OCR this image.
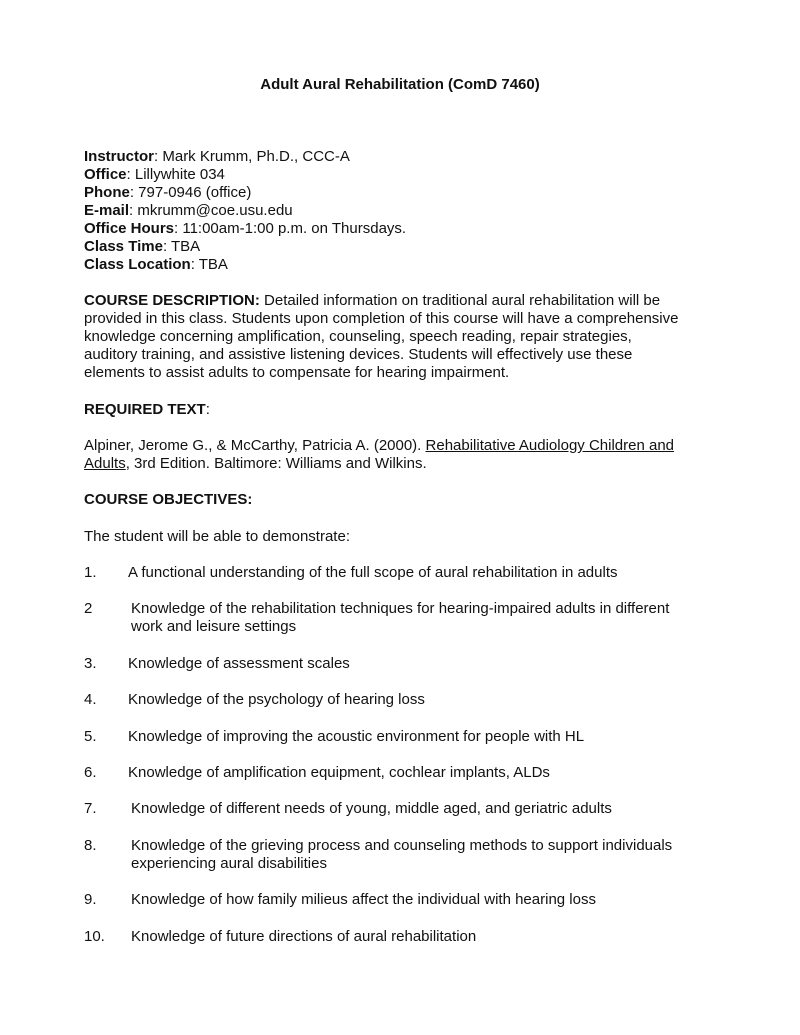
Adult Aural Rehabilitation (ComD 7460)
Instructor: Mark Krumm, Ph.D., CCC-A
Office: Lillywhite 034
Phone: 797-0946 (office)
E-mail: mkrumm@coe.usu.edu
Office Hours: 11:00am-1:00 p.m. on Thursdays.
Class Time: TBA
Class Location: TBA
COURSE DESCRIPTION: Detailed information on traditional aural rehabilitation will be
provided in this class. Students upon completion of this course will have a comprehensive
knowledge concerning amplification, counseling, speech reading, repair strategies,
auditory training, and assistive listening devices. Students will effectively use these
elements to assist adults to compensate for hearing impairment.
REQUIRED TEXT:
Alpiner, Jerome G., & McCarthy, Patricia A. (2000). Rehabilitative Audiology Children and
Adults, 3rd Edition. Baltimore: Williams and Wilkins.
COURSE OBJECTIVES:
The student will be able to demonstrate:
1. A functional understanding of the full scope of aural rehabilitation in adults
2	Knowledge of the rehabilitation techniques for hearing-impaired adults in different
work and leisure settings
3. Knowledge of assessment scales
4. Knowledge of the psychology of hearing loss
5. Knowledge of improving the acoustic environment for people with HL
6. Knowledge of amplification equipment, cochlear implants, ALDs
7. Knowledge of different needs of young, middle aged, and geriatric adults
8. Knowledge of the grieving process and counseling methods to support individuals
experiencing aural disabilities
9. Knowledge of how family milieus affect the individual with hearing loss
10. Knowledge of future directions of aural rehabilitation
